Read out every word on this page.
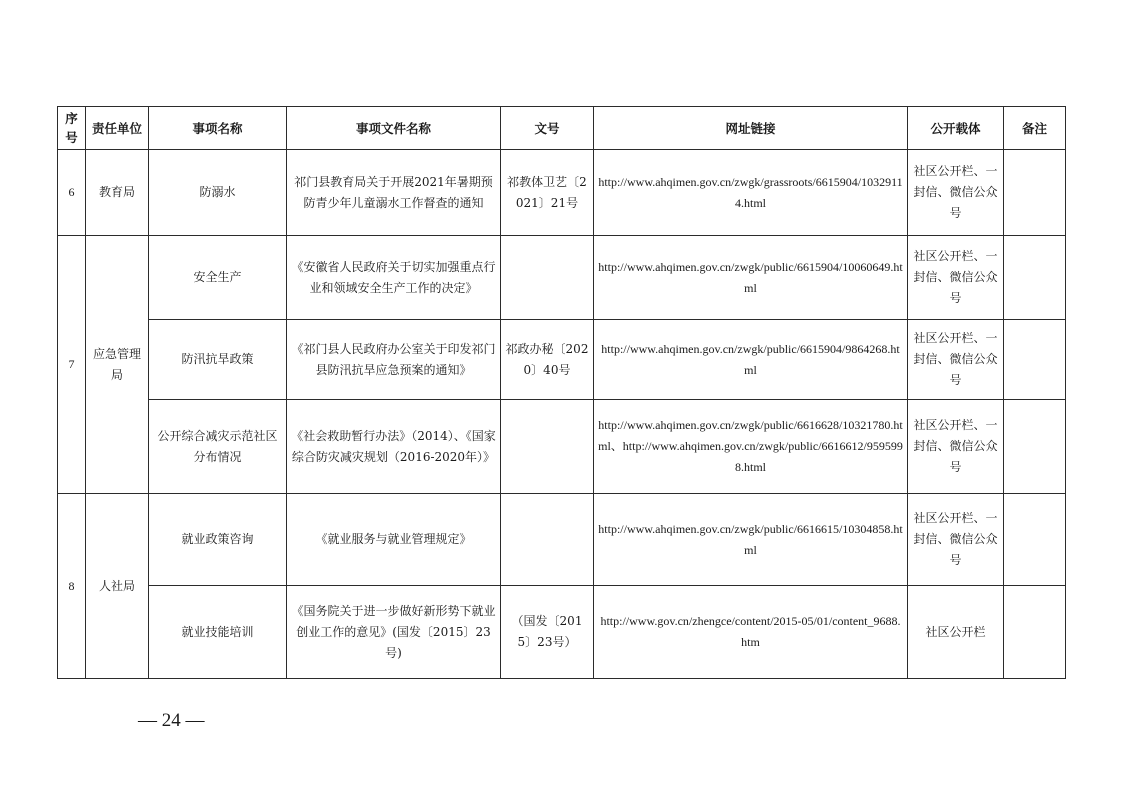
序号	责任单位	事项名称	事项文件名称	文号	网址链接	公开载体	备注
6	教育局	防溺水	祁门县教育局关于开展2021年暑期预防青少年儿童溺水工作督查的通知	祁教体卫艺〔2021〕21号	http://www.ahqimen.gov.cn/zwgk/grassroots/6615904/10329114.html	社区公开栏、一封信、微信公众号	
7	应急管理局	安全生产	《安徽省人民政府关于切实加强重点行业和领域安全生产工作的决定》		http://www.ahqimen.gov.cn/zwgk/public/6615904/10060649.html	社区公开栏、一封信、微信公众号	
		防汛抗旱政策	《祁门县人民政府办公室关于印发祁门县防汛抗旱应急预案的通知》	祁政办秘〔2020〕40号	http://www.ahqimen.gov.cn/zwgk/public/6615904/9864268.html	社区公开栏、一封信、微信公众号	
		公开综合减灾示范社区分布情况	《社会救助暂行办法》（2014）、《国家综合防灾减灾规划（2016-2020年）》		http://www.ahqimen.gov.cn/zwgk/public/6616628/10321780.html、http://www.ahqimen.gov.cn/zwgk/public/6616612/9595998.html	社区公开栏、一封信、微信公众号	
8	人社局	就业政策咨询	《就业服务与就业管理规定》		http://www.ahqimen.gov.cn/zwgk/public/6616615/10304858.html	社区公开栏、一封信、微信公众号	
		就业技能培训	《国务院关于进一步做好新形势下就业创业工作的意见》(国发〔2015〕23号)	（国发〔2015〕23号）	http://www.gov.cn/zhengce/content/2015-05/01/content_9688.htm	社区公开栏	
— 24 —
